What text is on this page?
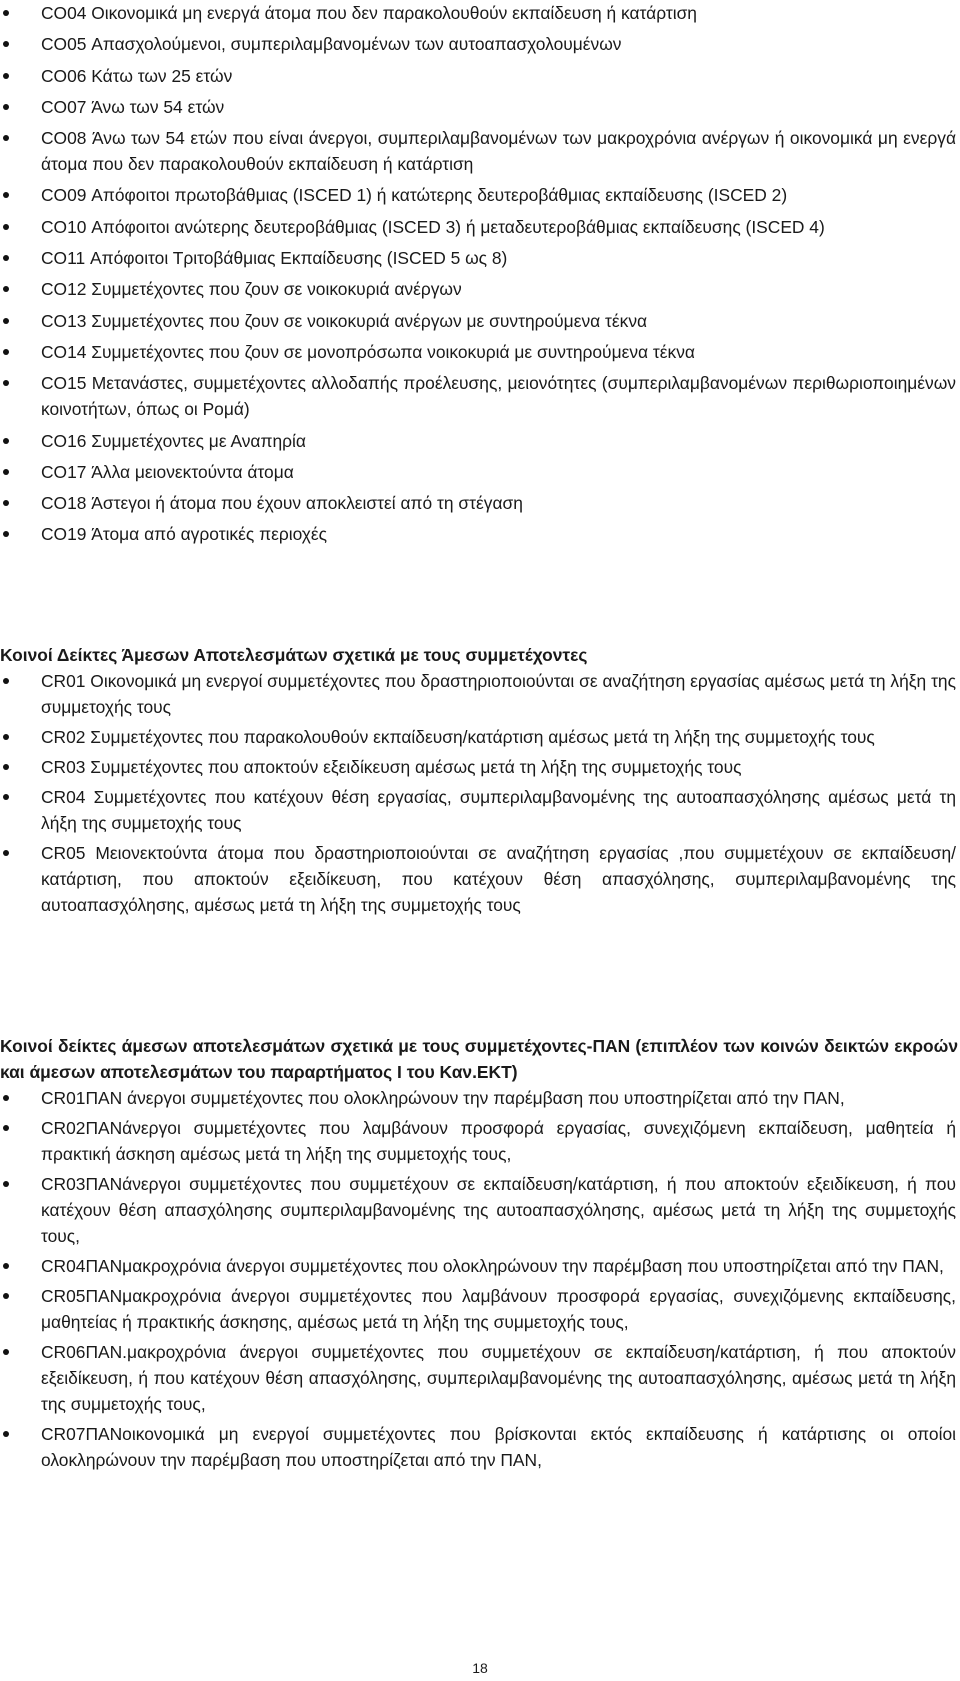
CO04 Οικονομικά μη ενεργά άτομα που δεν παρακολουθούν εκπαίδευση ή κατάρτιση
CO05 Απασχολούμενοι, συμπεριλαμβανομένων των αυτοαπασχολουμένων
CO06 Κάτω των 25 ετών
CO07 Άνω των 54 ετών
CO08 Άνω των 54 ετών που είναι άνεργοι, συμπεριλαμβανομένων των μακροχρόνια ανέργων ή οικονομικά μη ενεργά άτομα που δεν παρακολουθούν εκπαίδευση ή κατάρτιση
CO09 Απόφοιτοι πρωτοβάθμιας (ISCED 1) ή κατώτερης δευτεροβάθμιας εκπαίδευσης (ISCED 2)
CO10 Απόφοιτοι ανώτερης δευτεροβάθμιας (ISCED 3) ή μεταδευτεροβάθμιας εκπαίδευσης (ISCED 4)
CO11 Απόφοιτοι Τριτοβάθμιας Εκπαίδευσης (ISCED 5 ως 8)
CO12 Συμμετέχοντες που ζουν σε νοικοκυριά ανέργων
CO13 Συμμετέχοντες που ζουν σε νοικοκυριά ανέργων με συντηρούμενα τέκνα
CO14 Συμμετέχοντες που ζουν σε μονοπρόσωπα νοικοκυριά με συντηρούμενα τέκνα
CO15 Μετανάστες, συμμετέχοντες αλλοδαπής προέλευσης, μειονότητες (συμπεριλαμβανομένων περιθωριοποιημένων κοινοτήτων, όπως οι Ρομά)
CO16 Συμμετέχοντες με Αναπηρία
CO17 Άλλα μειονεκτούντα άτομα
CO18 Άστεγοι ή άτομα που έχουν αποκλειστεί από τη στέγαση
CO19 Άτομα από αγροτικές περιοχές

Κοινοί Δείκτες Άμεσων Αποτελεσμάτων σχετικά με τους συμμετέχοντες

CR01 Οικονομικά μη ενεργοί συμμετέχοντες που δραστηριοποιούνται σε αναζήτηση εργασίας αμέσως μετά τη λήξη της συμμετοχής τους
CR02 Συμμετέχοντες που παρακολουθούν εκπαίδευση/κατάρτιση αμέσως μετά τη λήξη της συμμετοχής τους
CR03 Συμμετέχοντες που αποκτούν εξειδίκευση αμέσως μετά τη λήξη της συμμετοχής τους
CR04 Συμμετέχοντες που κατέχουν θέση εργασίας, συμπεριλαμβανομένης της αυτοαπασχόλησης αμέσως μετά τη λήξη της συμμετοχής τους
CR05 Μειονεκτούντα άτομα που δραστηριοποιούνται σε αναζήτηση εργασίας ,που συμμετέχουν σε εκπαίδευση/κατάρτιση, που αποκτούν εξειδίκευση, που κατέχουν θέση απασχόλησης, συμπεριλαμβανομένης της αυτοαπασχόλησης, αμέσως μετά τη λήξη της συμμετοχής τους

Κοινοί δείκτες άμεσων αποτελεσμάτων σχετικά με τους συμμετέχοντες-ΠΑΝ (επιπλέον των κοινών δεικτών εκροών και άμεσων αποτελεσμάτων του παραρτήματος Ι του Καν.ΕΚΤ)

CR01ΠΑΝ άνεργοι συμμετέχοντες που ολοκληρώνουν την παρέμβαση που υποστηρίζεται από την ΠΑΝ,
CR02ΠΑΝάνεργοι συμμετέχοντες που λαμβάνουν προσφορά εργασίας, συνεχιζόμενη εκπαίδευση, μαθητεία ή πρακτική άσκηση αμέσως μετά τη λήξη της συμμετοχής τους,
CR03ΠΑΝάνεργοι συμμετέχοντες που συμμετέχουν σε εκπαίδευση/κατάρτιση, ή που αποκτούν εξειδίκευση, ή που κατέχουν θέση απασχόλησης συμπεριλαμβανομένης της αυτοαπασχόλησης, αμέσως μετά τη λήξη της συμμετοχής τους,
CR04ΠΑΝμακροχρόνια άνεργοι συμμετέχοντες που ολοκληρώνουν την παρέμβαση που υποστηρίζεται από την ΠΑΝ,
CR05ΠΑΝμακροχρόνια άνεργοι συμμετέχοντες που λαμβάνουν προσφορά εργασίας, συνεχιζόμενης εκπαίδευσης, μαθητείας ή πρακτικής άσκησης, αμέσως μετά τη λήξη της συμμετοχής τους,
CR06ΠΑΝ.μακροχρόνια άνεργοι συμμετέχοντες που συμμετέχουν σε εκπαίδευση/κατάρτιση, ή που αποκτούν εξειδίκευση, ή που κατέχουν θέση απασχόλησης, συμπεριλαμβανομένης της αυτοαπασχόλησης, αμέσως μετά τη λήξη της συμμετοχής τους,
CR07ΠΑΝοικονομικά μη ενεργοί συμμετέχοντες που βρίσκονται εκτός εκπαίδευσης ή κατάρτισης οι οποίοι ολοκληρώνουν την παρέμβαση που υποστηρίζεται από την ΠΑΝ,
18
